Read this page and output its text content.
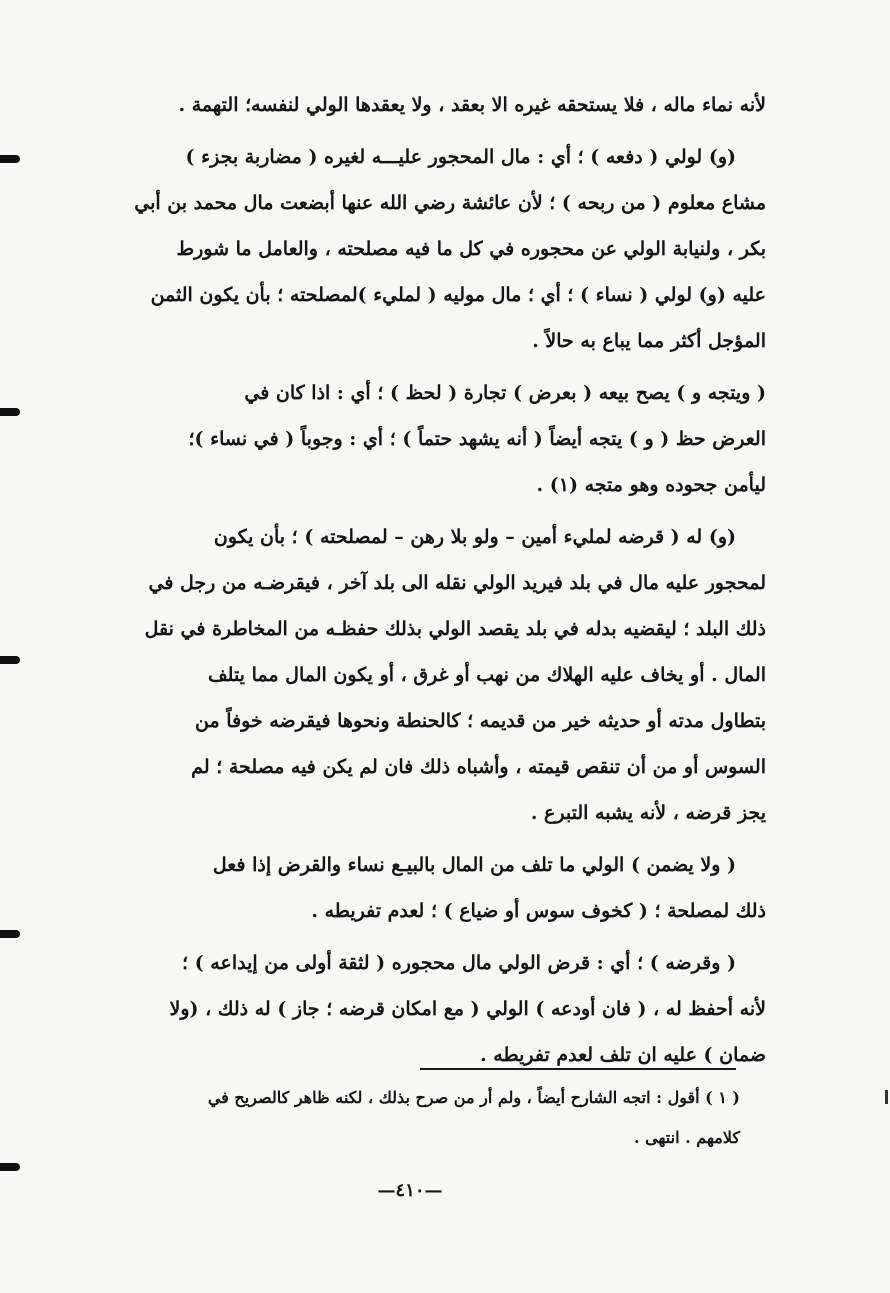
لأنه نماء ماله ، فلا يستحقه غيره الا بعقد ، ولا يعقدها الولي لنفسه؛ التهمة .
(و) لولي ( دفعه ) ؛ أي : مال المحجور عليـــه لغيره ( مضاربة بجزء )
مشاع معلوم ( من ربحه ) ؛ لأن عائشة رضي الله عنها أبضعت مال محمد بن أبي
بكر ، ولنيابة الولي عن محجوره في كل ما فيه مصلحته ، والعامل ما شورط
عليه (و) لولي ( نساء ) ؛ أي ؛ مال موليه ( لمليء )لمصلحته ؛ بأن يكون الثمن
المؤجل أكثر مما يباع به حالاً .
( ويتجه و ) يصح بيعه ( بعرض ) تجارة ( لحظ ) ؛ أي : اذا كان في
العرض حظ ( و ) يتجه أيضاً ( أنه يشهد حتماً ) ؛ أي : وجوباً ( في نساء )؛
ليأمن جحوده وهو متجه (١) .
(و) له ( قرضه لمليء أمين – ولو بلا رهن – لمصلحته ) ؛ بأن يكون
لمحجور عليه مال في بلد فيريد الولي نقله الى بلد آخر ، فيقرضـه من رجل في
ذلك البلد ؛ ليقضيه بدله في بلد يقصد الولي بذلك حفظـه من المخاطرة في نقل
المال . أو يخاف عليه الهلاك من نهب أو غرق ، أو يكون المال مما يتلف
بتطاول مدته أو حديثه خير من قديمه ؛ كالحنطة ونحوها فيقرضه خوفاً من
السوس أو من أن تنقص قيمته ، وأشباه ذلك فان لم يكن فيه مصلحة ؛ لم
يجز قرضه ، لأنه يشبه التبرع .
( ولا يضمن ) الولي ما تلف من المال بالبيـع نساء والقرض إذا فعل
ذلك لمصلحة ؛ ( كخوف سوس أو ضياع ) ؛ لعدم تفريطه .
( وقرضه ) ؛ أي : قرض الولي مال محجوره ( لثقة أولى من إيداعه ) ؛
لأنه أحفظ له ، ( فان أودعه ) الولي ( مع امكان قرضه ؛ جاز ) له ذلك ، (ولا
ضمان ) عليه ان تلف لعدم تفريطه .
( ١ ) أقول : اتجه الشارح أيضاً ، ولم أر من صرح بذلك ، لكنه ظاهر كالصريح في
كلامهم . انتهى .
—٤١٠—
